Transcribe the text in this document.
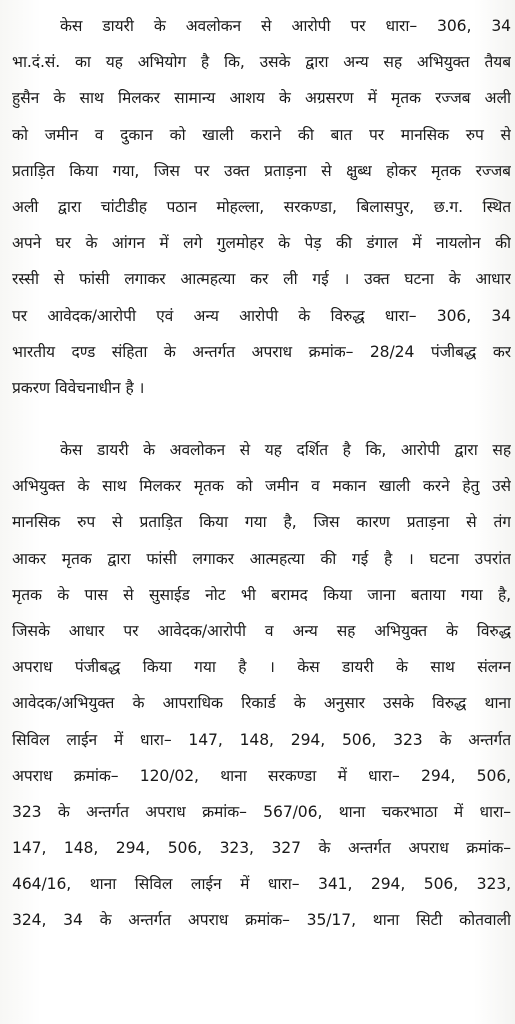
केस डायरी के अवलोकन से आरोपी पर धारा– 306, 34
भा.दं.सं. का यह अभियोग है कि, उसके द्वारा अन्य सह अभियुक्त तैयब
हुसैन के साथ मिलकर सामान्य आशय के अग्रसरण में मृतक रज्जब अली
को जमीन व दुकान को खाली कराने की बात पर मानसिक रुप से
प्रताड़ित किया गया, जिस पर उक्त प्रताड़ना से क्षुब्ध होकर मृतक रज्जब
अली द्वारा चांटीडीह पठान मोहल्ला, सरकण्डा, बिलासपुर, छ.ग. स्थित
अपने घर के आंगन में लगे गुलमोहर के पेड़ की डंगाल में नायलोन की
रस्सी से फांसी लगाकर आत्महत्या कर ली गई । उक्त घटना के आधार
पर आवेदक/आरोपी एवं अन्य आरोपी के विरुद्ध धारा– 306, 34
भारतीय दण्ड संहिता के अन्तर्गत अपराध क्रमांक– 28/24 पंजीबद्ध कर
प्रकरण विवेचनाधीन है ।
केस डायरी के अवलोकन से यह दर्शित है कि, आरोपी द्वारा सह
अभियुक्त के साथ मिलकर मृतक को जमीन व मकान खाली करने हेतु उसे
मानसिक रुप से प्रताड़ित किया गया है, जिस कारण प्रताड़ना से तंग
आकर मृतक द्वारा फांसी लगाकर आत्महत्या की गई है । घटना उपरांत
मृतक के पास से सुसाईड नोट भी बरामद किया जाना बताया गया है,
जिसके आधार पर आवेदक/आरोपी व अन्य सह अभियुक्त के विरुद्ध
अपराध पंजीबद्ध किया गया है । केस डायरी के साथ संलग्न
आवेदक/अभियुक्त के आपराधिक रिकार्ड के अनुसार उसके विरुद्ध थाना
सिविल लाईन में धारा– 147, 148, 294, 506, 323 के अन्तर्गत
अपराध क्रमांक– 120/02, थाना सरकण्डा में धारा– 294, 506,
323 के अन्तर्गत अपराध क्रमांक– 567/06, थाना चकरभाठा में धारा–
147, 148, 294, 506, 323, 327 के अन्तर्गत अपराध क्रमांक–
464/16, थाना सिविल लाईन में धारा– 341, 294, 506, 323,
324, 34 के अन्तर्गत अपराध क्रमांक– 35/17, थाना सिटी कोतवाली
